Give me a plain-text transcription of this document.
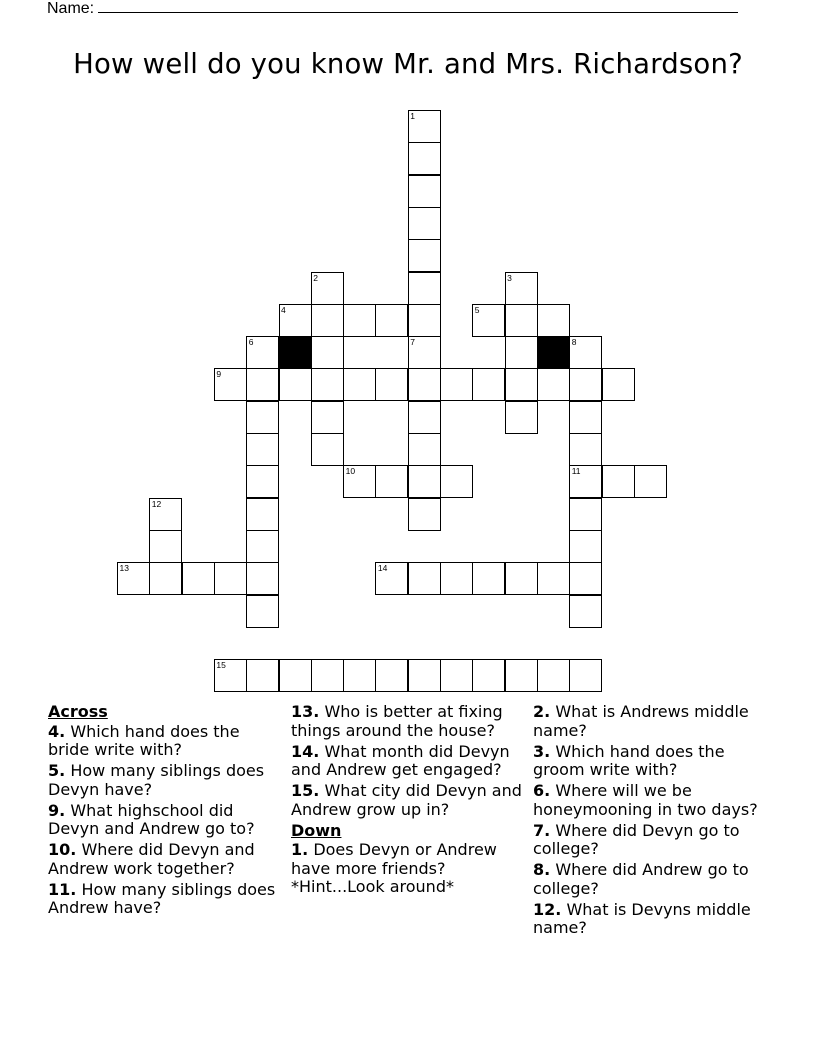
Name:
How well do you know Mr. and Mrs. Richardson?
1
2	3
4	5
6	7	8
11
9
10
12
13	14
15
Across
4. Which hand does the bride write with?
5. How many siblings does Devyn have?
9. What highschool did Devyn and Andrew go to?
10. Where did Devyn and Andrew work together?
11. How many siblings does Andrew have?
13. Who is better at fixing things around the house?
14. What month did Devyn and Andrew get engaged?
15. What city did Devyn and Andrew grow up in?
Down
1. Does Devyn or Andrew have more friends? *Hint...Look around*
2. What is Andrews middle name?
3. Which hand does the groom write with?
6. Where will we be honeymooning in two days?
7. Where did Devyn go to college?
8. Where did Andrew go to college?
12. What is Devyns middle name?
